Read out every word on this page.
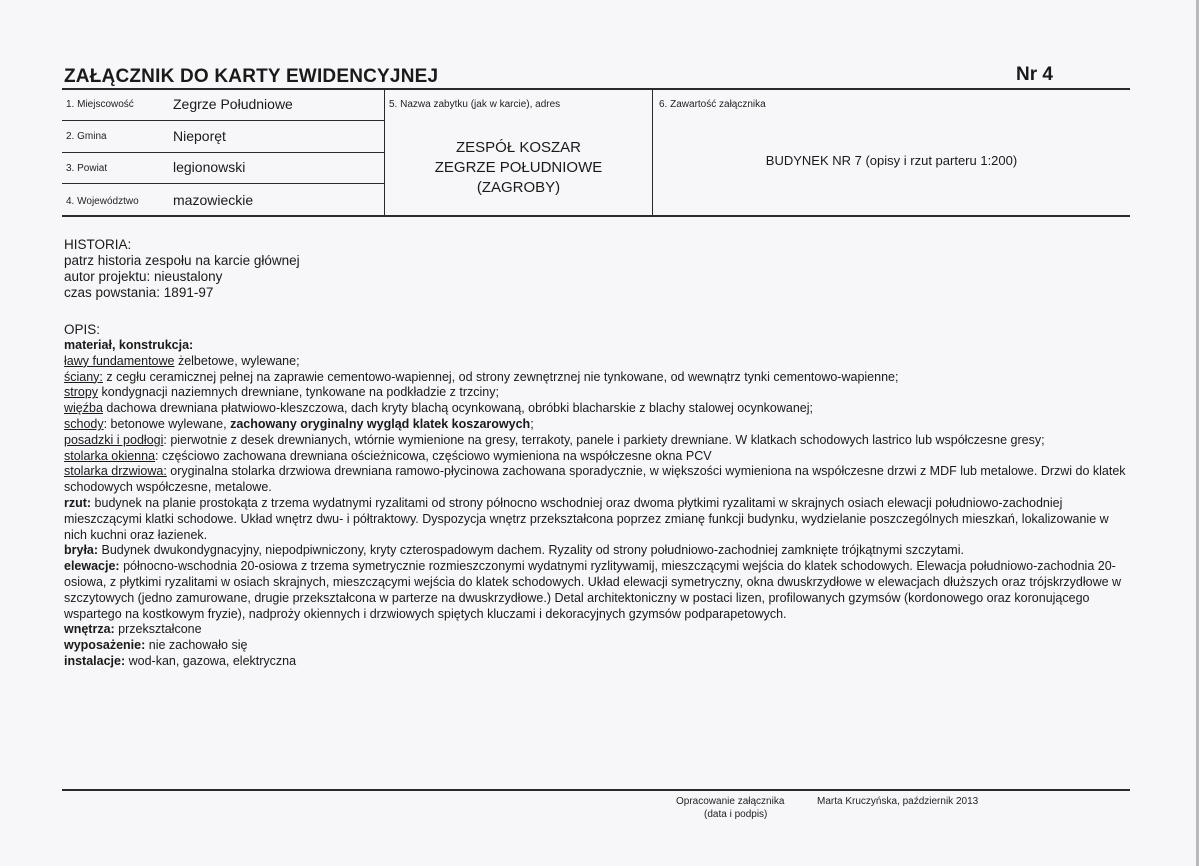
ZAŁĄCZNIK DO KARTY EWIDENCYJNEJ	Nr 4
1. Miejscowość	Zegrze Południowe
2. Gmina	Nieporęt
3. Powiat	legionowski
4. Województwo mazowieckie
5. Nazwa zabytku (jak w karcie), adres
ZESPÓŁ KOSZAR
ZEGRZE POŁUDNIOWE
(ZAGROBY)
6. Zawartość załącznika
BUDYNEK NR 7 (opisy i rzut parteru 1:200)

HISTORIA:

patrz historia zespołu na karcie głównej

autor projektu: nieustalony

czas powstania: 1891-97

OPIS:

materiał, konstrukcja:

ławy fundamentowe żelbetowe, wylewane;

ściany: z cegłu ceramicznej pełnej na zaprawie cementowo-wapiennej, od strony zewnętrznej nie tynkowane, od wewnątrz tynki cementowo-wapienne;

stropy kondygnacji naziemnych drewniane, tynkowane na podkładzie z trzciny;

więźba dachowa drewniana płatwiowo-kleszczowa, dach kryty blachą ocynkowaną, obróbki blacharskie z blachy stalowej ocynkowanej;

schody: betonowe wylewane, zachowany oryginalny wygląd klatek koszarowych;

posadzki i podłogi: pierwotnie z desek drewnianych, wtórnie wymienione na gresy, terrakoty, panele i parkiety drewniane. W klatkach schodowych lastrico lub współczesne gresy;

stolarka okienna: częściowo zachowana drewniana ościeżnicowa, częściowo wymieniona na współczesne okna PCV

stolarka drzwiowa: oryginalna stolarka drzwiowa drewniana ramowo-płycinowa zachowana sporadycznie, w większości wymieniona na współczesne drzwi z MDF lub metalowe. Drzwi do klatek schodowych współczesne, metalowe.

rzut: budynek na planie prostokąta z trzema wydatnymi ryzalitami od strony północno wschodniej oraz dwoma płytkimi ryzalitami w skrajnych osiach elewacji południowo-zachodniej mieszczącymi klatki schodowe. Układ wnętrz dwu- i półtraktowy. Dyspozycja wnętrz przekształcona poprzez zmianę funkcji budynku, wydzielanie poszczególnych mieszkań, lokalizowanie w nich kuchni oraz łazienek.

bryła: Budynek dwukondygnacyjny, niepodpiwniczony, kryty czterospadowym dachem. Ryzality od strony południowo-zachodniej zamknięte trójkątnymi szczytami.

elewacje: północno-wschodnia 20-osiowa z trzema symetrycznie rozmieszczonymi wydatnymi ryzlitywamij, mieszczącymi wejścia do klatek schodowych. Elewacja południowo-zachodnia 20-osiowa, z płytkimi ryzalitami w osiach skrajnych, mieszczącymi wejścia do klatek schodowych. Układ elewacji symetryczny, okna dwuskrzydłowe w elewacjach dłuższych oraz trójskrzydłowe w szczytowych (jedno zamurowane, drugie przekształcona w parterze na dwuskrzydłowe.) Detal architektoniczny w postaci lizen, profilowanych gzymsów (kordonowego oraz koronującego wspartego na kostkowym fryzie), nadproży okiennych i drzwiowych spiętych kluczami i dekoracyjnych gzymsów podparapetowych.

wnętrza: przekształcone

wyposażenie: nie zachowało się

instalacje: wod-kan, gazowa, elektryczna

Opracowanie załącznika
(data i podpis)
Marta Kruczyńska, październik 2013
